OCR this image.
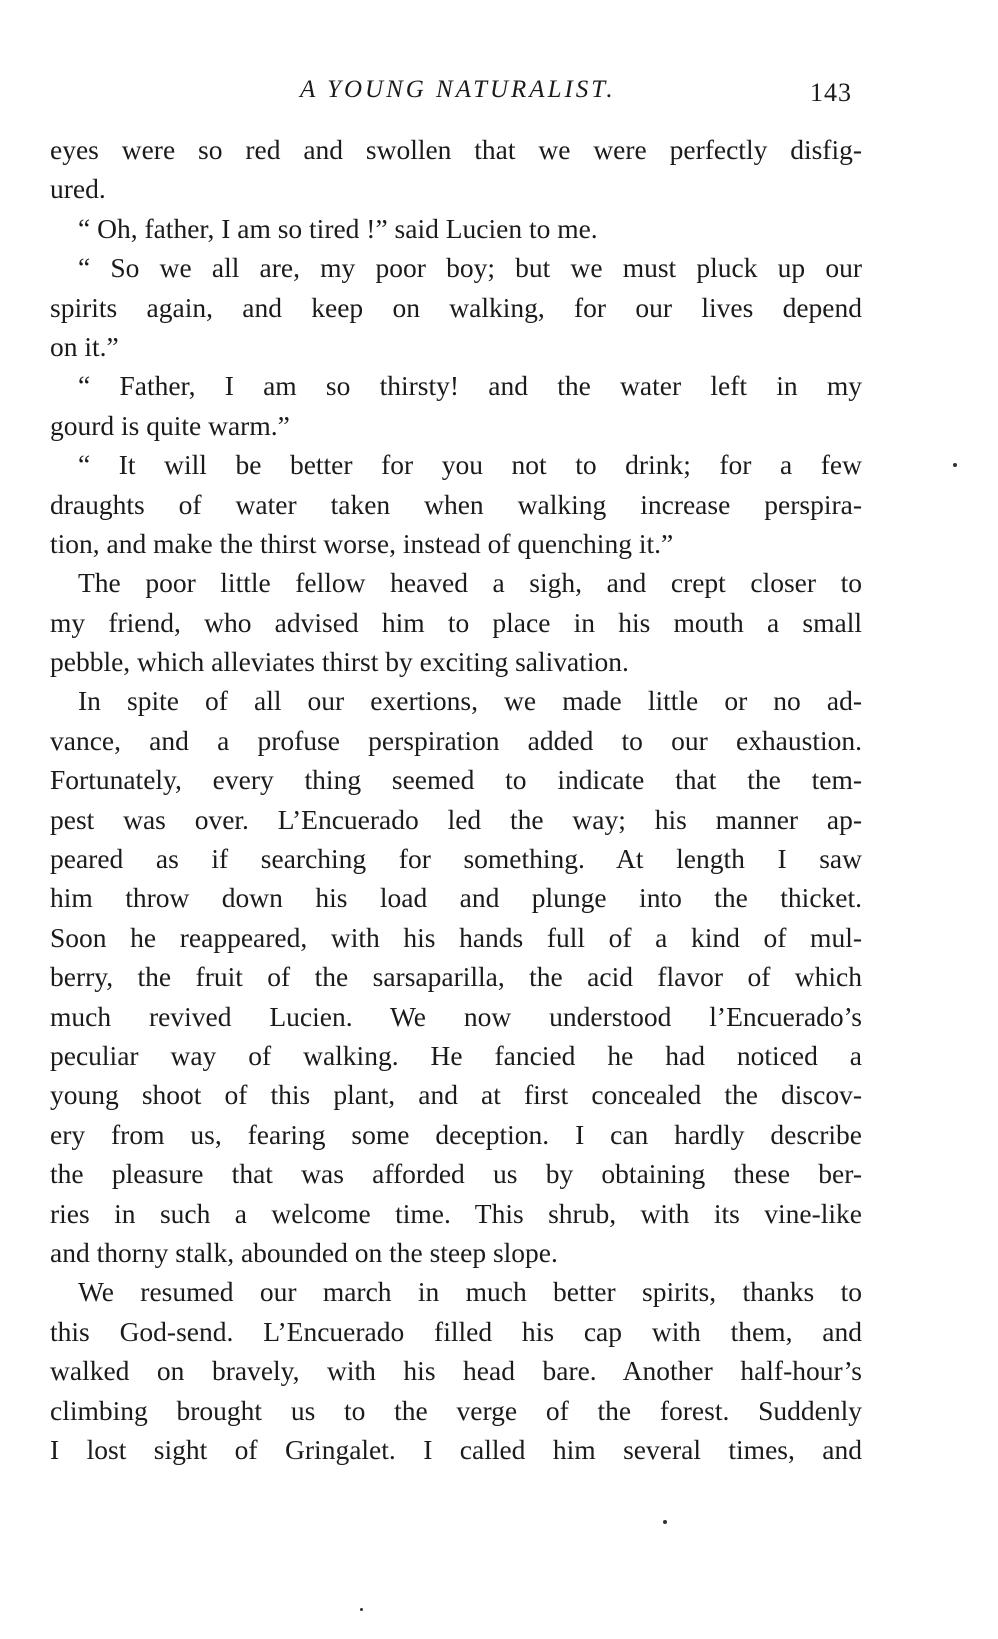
A YOUNG NATURALIST.	143
eyes were so red and swollen that we were perfectly disfig-
ured.
“ Oh, father, I am so tired !” said Lucien to me.
“ So we all are, my poor boy; but we must pluck up our
spirits again, and keep on walking, for our lives depend
on it.”
“ Father, I am so thirsty! and the water left in my
gourd is quite warm.”
“ It will be better for you not to drink; for a few
draughts of water taken when walking increase perspira-
tion, and make the thirst worse, instead of quenching it.”
The poor little fellow heaved a sigh, and crept closer to
my friend, who advised him to place in his mouth a small
pebble, which alleviates thirst by exciting salivation.
In spite of all our exertions, we made little or no ad-
vance, and a profuse perspiration added to our exhaustion.
Fortunately, every thing seemed to indicate that the tem-
pest was over. L’Encuerado led the way; his manner ap-
peared as if searching for something. At length I saw
him throw down his load and plunge into the thicket.
Soon he reappeared, with his hands full of a kind of mul-
berry, the fruit of the sarsaparilla, the acid flavor of which
much revived Lucien. We now understood l’Encuerado’s
peculiar way of walking. He fancied he had noticed a
young shoot of this plant, and at first concealed the discov-
ery from us, fearing some deception. I can hardly describe
the pleasure that was afforded us by obtaining these ber-
ries in such a welcome time. This shrub, with its vine-like
and thorny stalk, abounded on the steep slope.
We resumed our march in much better spirits, thanks to
this God-send. L’Encuerado filled his cap with them, and
walked on bravely, with his head bare. Another half-hour’s
climbing brought us to the verge of the forest. Suddenly
I lost sight of Gringalet. I called him several times, and
